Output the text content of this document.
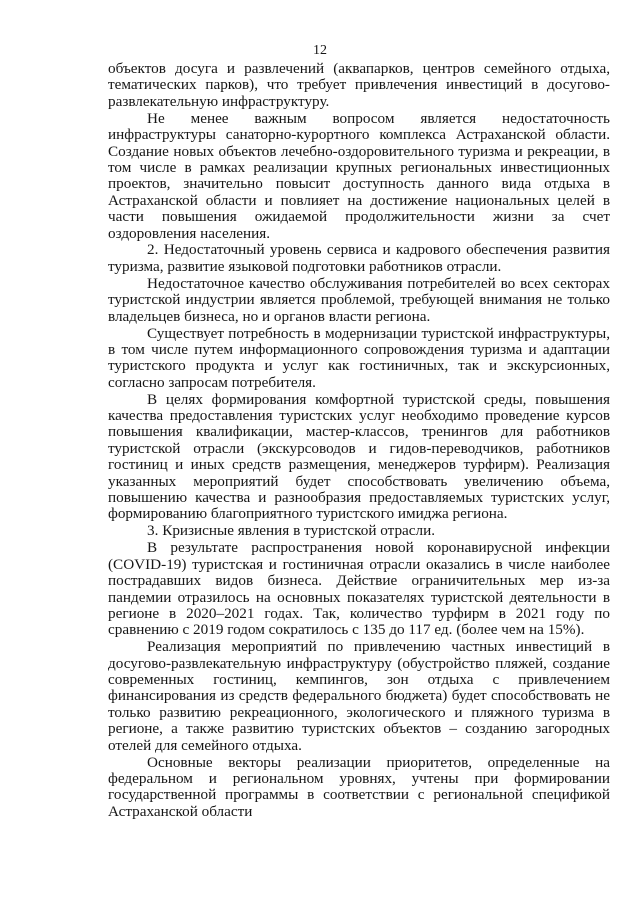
12

объектов досуга и развлечений (аквапарков, центров семейного отдыха, тематических парков), что требует привлечения инвестиций в досугово-развлекательную инфраструктуру.

Не менее важным вопросом является недостаточность инфраструктуры санаторно-курортного комплекса Астраханской области. Создание новых объектов лечебно-оздоровительного туризма и рекреации, в том числе в рамках реализации крупных региональных инвестиционных проектов, значительно повысит доступность данного вида отдыха в Астраханской области и повлияет на достижение национальных целей в части повышения ожидаемой продолжительности жизни за счет оздоровления населения.

2. Недостаточный уровень сервиса и кадрового обеспечения развития туризма, развитие языковой подготовки работников отрасли.

Недостаточное качество обслуживания потребителей во всех секторах туристской индустрии является проблемой, требующей внимания не только владельцев бизнеса, но и органов власти региона.

Существует потребность в модернизации туристской инфраструктуры, в том числе путем информационного сопровождения туризма и адаптации туристского продукта и услуг как гостиничных, так и экскурсионных, согласно запросам потребителя.

В целях формирования комфортной туристской среды, повышения качества предоставления туристских услуг необходимо проведение курсов повышения квалификации, мастер-классов, тренингов для работников туристской отрасли (экскурсоводов и гидов-переводчиков, работников гостиниц и иных средств размещения, менеджеров турфирм). Реализация указанных мероприятий будет способствовать увеличению объема, повышению качества и разнообразия предоставляемых туристских услуг, формированию благоприятного туристского имиджа региона.

3. Кризисные явления в туристской отрасли.

В результате распространения новой коронавирусной инфекции (COVID-19) туристская и гостиничная отрасли оказались в числе наиболее пострадавших видов бизнеса. Действие ограничительных мер из-за пандемии отразилось на основных показателях туристской деятельности в регионе в 2020–2021 годах. Так, количество турфирм в 2021 году по сравнению с 2019 годом сократилось с 135 до 117 ед. (более чем на 15%).

Реализация мероприятий по привлечению частных инвестиций в досугово-развлекательную инфраструктуру (обустройство пляжей, создание современных гостиниц, кемпингов, зон отдыха с привлечением финансирования из средств федерального бюджета) будет способствовать не только развитию рекреационного, экологического и пляжного туризма в регионе, а также развитию туристских объектов – созданию загородных отелей для семейного отдыха.

Основные векторы реализации приоритетов, определенные на федеральном и региональном уровнях, учтены при формировании государственной программы в соответствии с региональной спецификой Астраханской области
